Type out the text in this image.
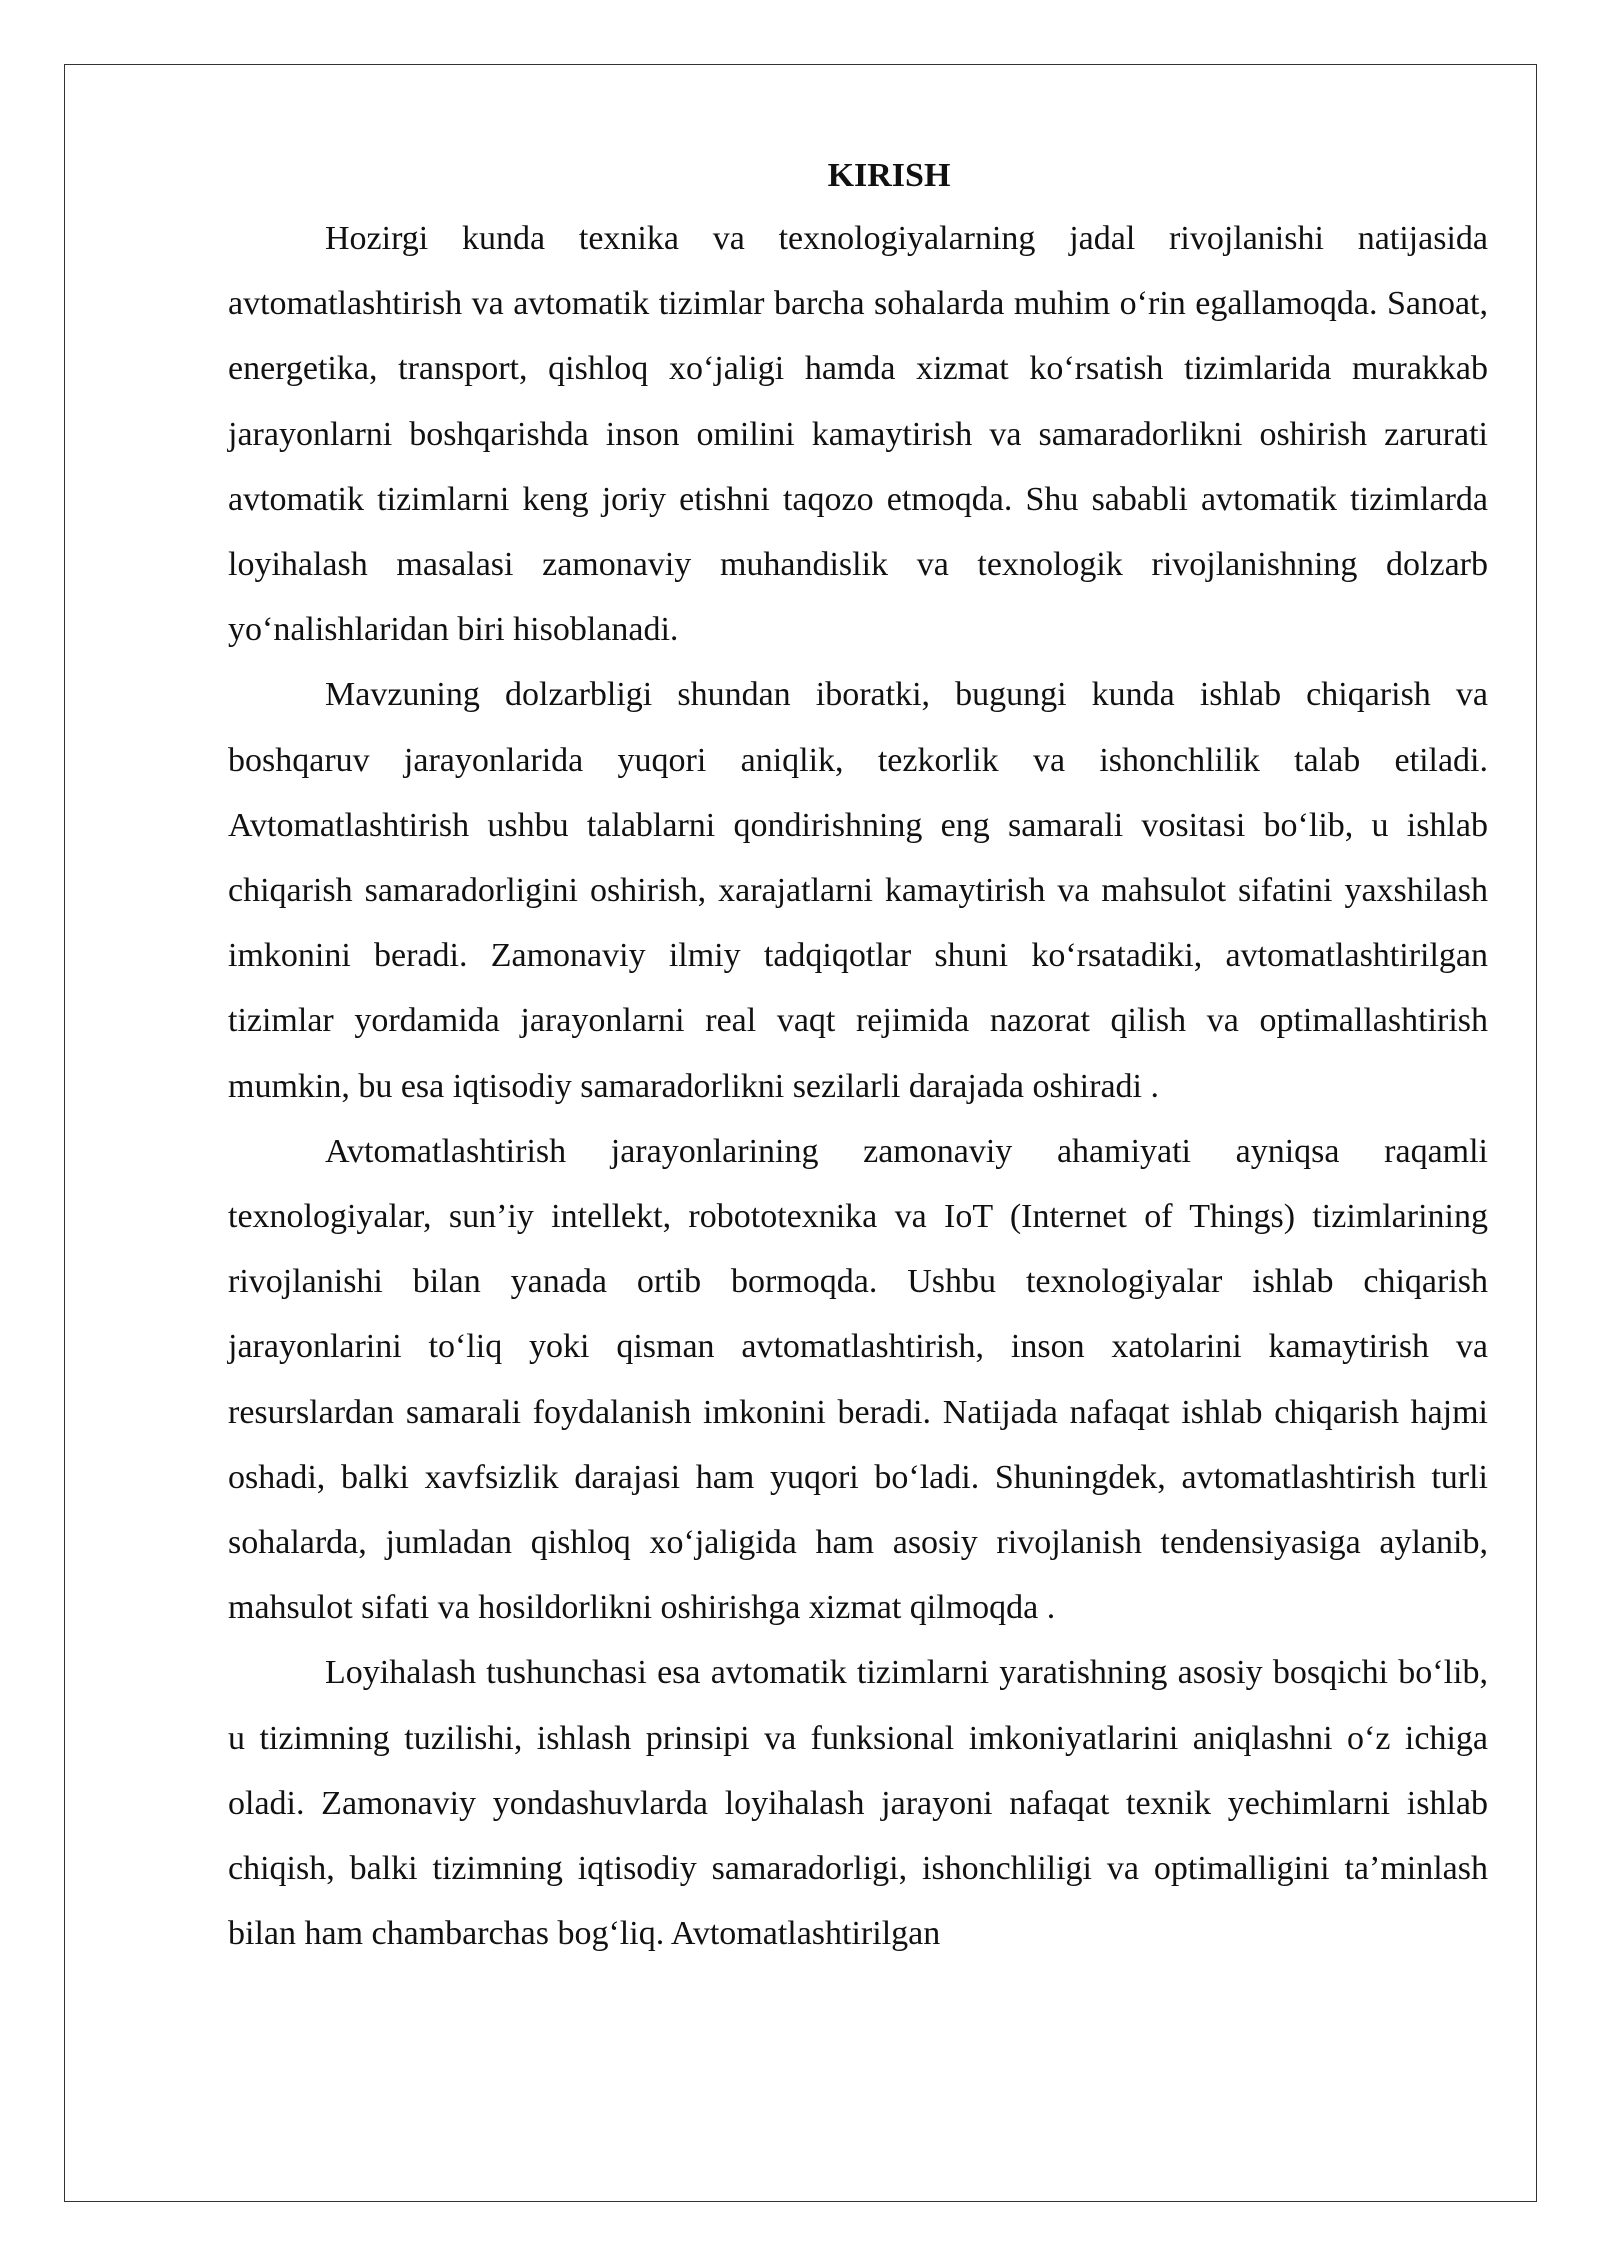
KIRISH

Hozirgi kunda texnika va texnologiyalarning jadal rivojlanishi natijasida avtomatlashtirish va avtomatik tizimlar barcha sohalarda muhim o‘rin egallamoqda. Sanoat, energetika, transport, qishloq xo‘jaligi hamda xizmat ko‘rsatish tizimlarida murakkab jarayonlarni boshqarishda inson omilini kamaytirish va samaradorlikni oshirish zarurati avtomatik tizimlarni keng joriy etishni taqozo etmoqda. Shu sababli avtomatik tizimlarda loyihalash masalasi zamonaviy muhandislik va texnologik rivojlanishning dolzarb yo‘nalishlaridan biri hisoblanadi.

Mavzuning dolzarbligi shundan iboratki, bugungi kunda ishlab chiqarish va boshqaruv jarayonlarida yuqori aniqlik, tezkorlik va ishonchlilik talab etiladi. Avtomatlashtirish ushbu talablarni qondirishning eng samarali vositasi bo‘lib, u ishlab chiqarish samaradorligini oshirish, xarajatlarni kamaytirish va mahsulot sifatini yaxshilash imkonini beradi. Zamonaviy ilmiy tadqiqotlar shuni ko‘rsatadiki, avtomatlashtirilgan tizimlar yordamida jarayonlarni real vaqt rejimida nazorat qilish va optimallashtirish mumkin, bu esa iqtisodiy samaradorlikni sezilarli darajada oshiradi .

Avtomatlashtirish jarayonlarining zamonaviy ahamiyati ayniqsa raqamli texnologiyalar, sun’iy intellekt, robototexnika va IoT (Internet of Things) tizimlarining rivojlanishi bilan yanada ortib bormoqda. Ushbu texnologiyalar ishlab chiqarish jarayonlarini to‘liq yoki qisman avtomatlashtirish, inson xatolarini kamaytirish va resurslardan samarali foydalanish imkonini beradi. Natijada nafaqat ishlab chiqarish hajmi oshadi, balki xavfsizlik darajasi ham yuqori bo‘ladi. Shuningdek, avtomatlashtirish turli sohalarda, jumladan qishloq xo‘jaligida ham asosiy rivojlanish tendensiyasiga aylanib, mahsulot sifati va hosildorlikni oshirishga xizmat qilmoqda .

Loyihalash tushunchasi esa avtomatik tizimlarni yaratishning asosiy bosqichi bo‘lib, u tizimning tuzilishi, ishlash prinsipi va funksional imkoniyatlarini aniqlashni o‘z ichiga oladi. Zamonaviy yondashuvlarda loyihalash jarayoni nafaqat texnik yechimlarni ishlab chiqish, balki tizimning iqtisodiy samaradorligi, ishonchliligi va optimalligini ta’minlash bilan ham chambarchas bog‘liq. Avtomatlashtirilgan
